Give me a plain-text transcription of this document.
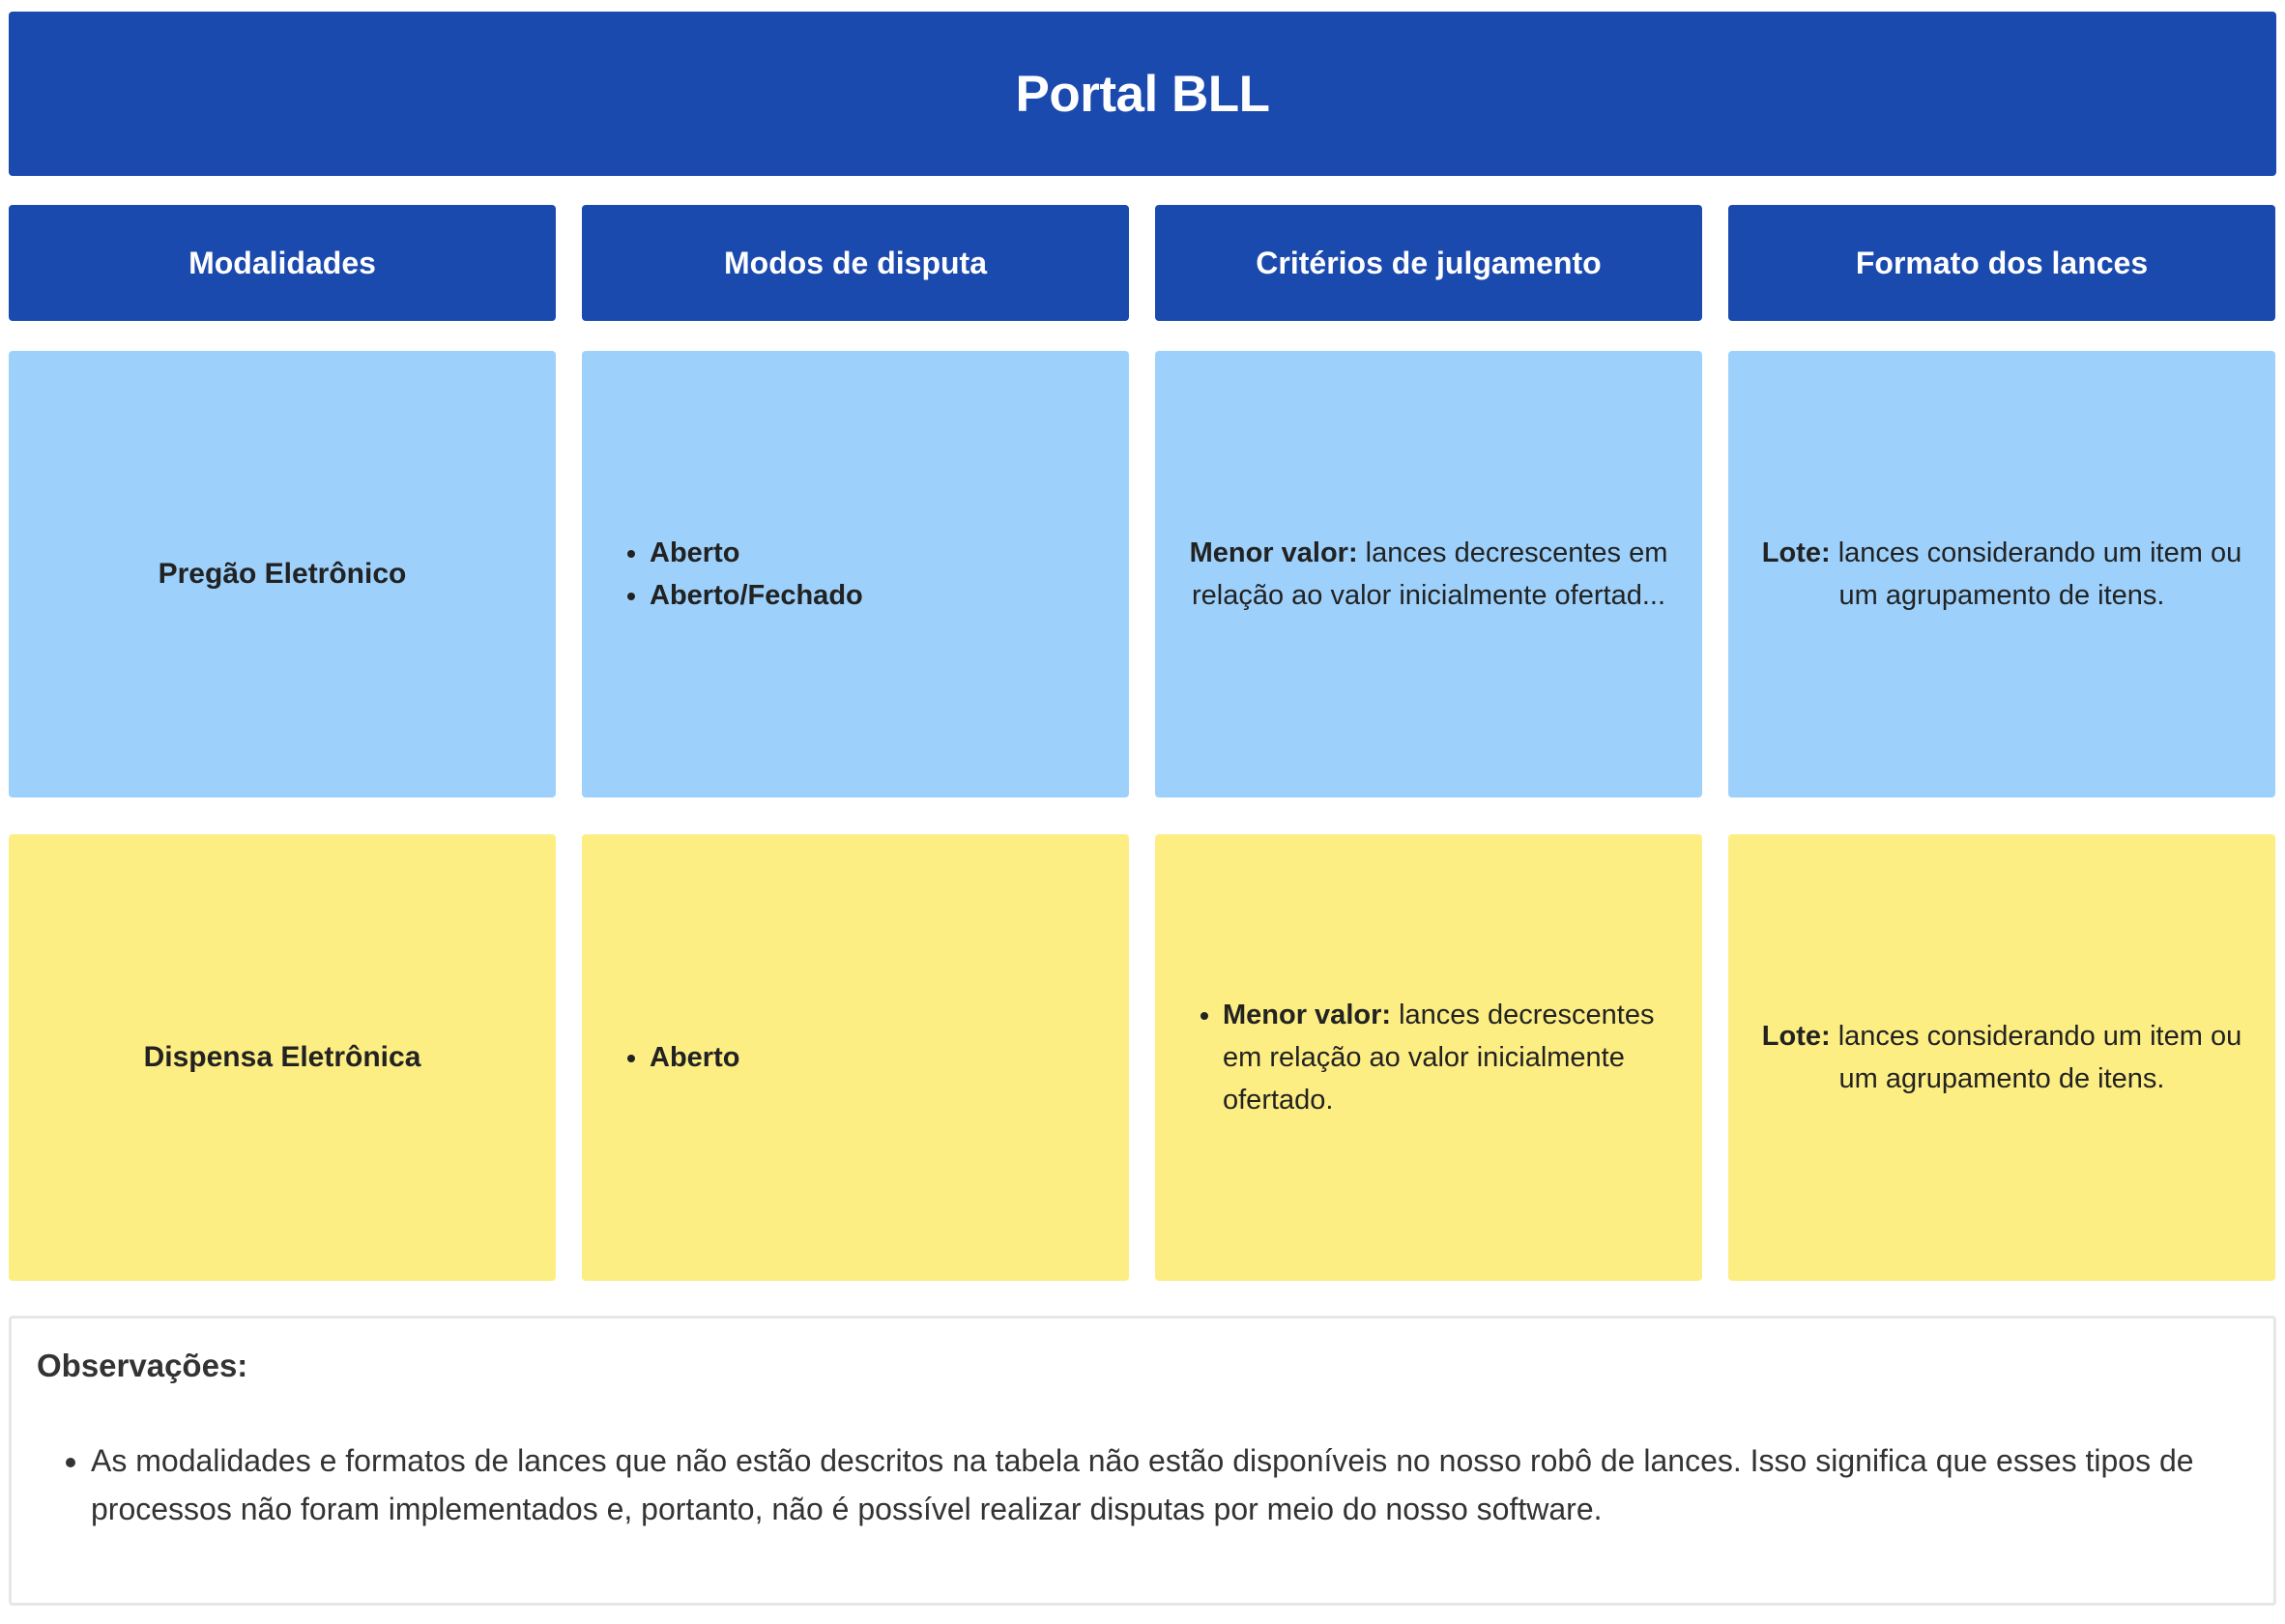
Portal BLL
Modalidades	Modos de disputa	Critérios de julgamento	Formato dos lances
Pregão Eletrônico
• Aberto
• Aberto/Fechado
Menor valor: lances decrescentes em relação ao valor inicialmente ofertad...
Lote: lances considerando um item ou um agrupamento de itens.
Dispensa Eletrônica
•	Aberto
• Menor valor: lances decrescentes em relação ao valor inicialmente ofertado.
Lote: lances considerando um item ou um agrupamento de itens.
Observações:
• As modalidades e formatos de lances que não estão descritos na tabela não estão disponíveis no nosso robô de lances. Isso significa que esses tipos de processos não foram implementados e, portanto, não é possível realizar disputas por meio do nosso software.
